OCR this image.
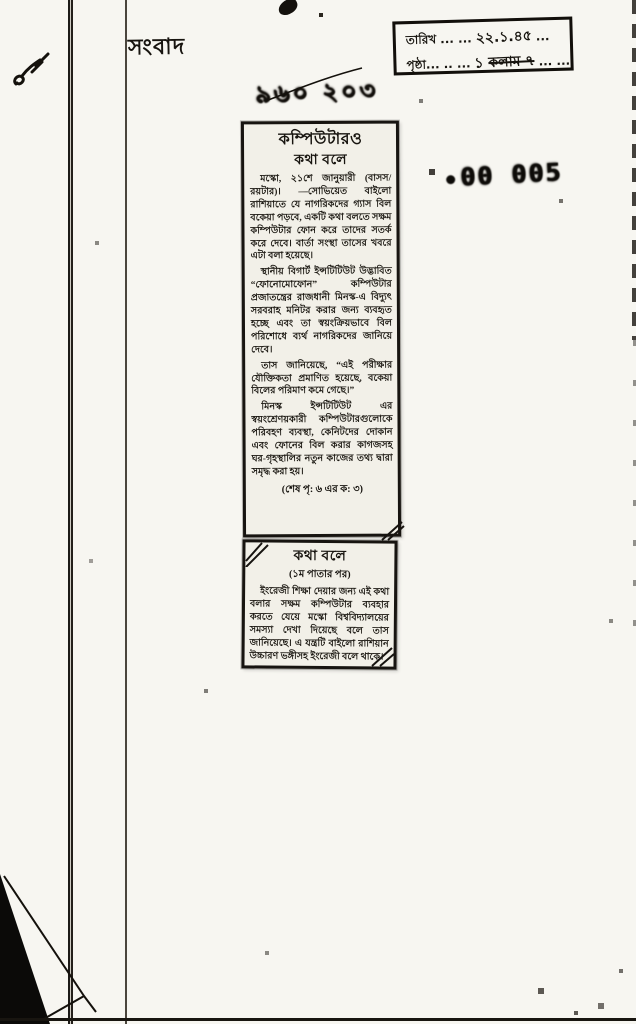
সংবাদ
৯৬০ ২০৩
তারিখ ... ... ২২.১.৪৫ ...
পৃষ্ঠা... .. ... ১ কলাম ৭ ... ...
00 005
কম্পিউটারও
কথা বলে

মস্কো, ২১শে জানুয়ারী (বাসস/রয়টার)। —সোভিয়েত বাইলো রাশিয়াতে যে নাগরিকদের গ্যাস বিল বকেয়া পড়বে, একটি কথা বলতে সক্ষম কম্পিউটার ফোন করে তাদের সতর্ক করে দেবে। বার্তা সংস্থা তাসের খবরে এটা বলা হয়েছে।

স্থানীয় বিগার্ট ইন্সটিটিউট উদ্ভাবিত “ফোনোমোফোন” কম্পিউটার প্রজাতন্ত্রের রাজধানী মিনস্ক-এ বিদ্যুৎ সরবরাহ মনিটর করার জন্য ব্যবহৃত হচ্ছে এবং তা স্বয়ংক্রিয়ভাবে বিল পরিশোধে ব্যর্থ নাগরিকদের জানিয়ে দেবে।

তাস জানিয়েছে, “এই পরীক্ষার যৌক্তিকতা প্রমাণিত হয়েছে, বকেয়া বিলের পরিমাণ কমে গেছে।”

মিনস্ক ইন্সটিটিউট এর স্বয়ংশ্রেণয়কারী কম্পিউটারগুলোকে পরিবহণ ব্যবস্থা, কেনিটদের দোকান এবং ফোনের বিল করার কাগজসহ ঘর-গৃহস্থালির নতুন কাজের তথ্য দ্বারা সমৃদ্ধ করা হয়।

(শেষ পৃ: ৬ এর ক: ৩)
কথা বলে
(১ম পাতার পর)

ইংরেজী শিক্ষা দেয়ার জন্য এই কথা বলার সক্ষম কম্পিউটার ব্যবহার করতে যেয়ে মস্কো বিশ্ববিদ্যালয়ের সমস্যা দেখা দিয়েছে বলে তাস জানিয়েছে। এ যন্ত্রটি বাইলো রাশিয়ান উচ্চারণ ভঙ্গীসহ ইংরেজী বলে থাকে।
